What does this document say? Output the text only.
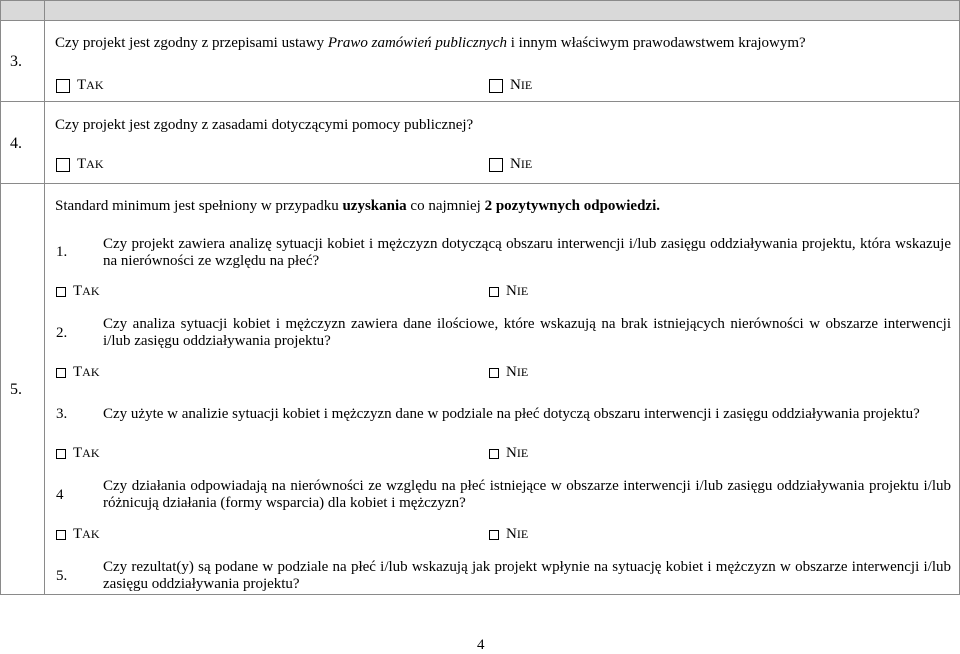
3.
Czy projekt jest zgodny z przepisami ustawy Prawo zamówień publicznych i innym właściwym prawodawstwem krajowym?
T AK	N IE
4.
Czy projekt jest zgodny z zasadami dotyczącymi pomocy publicznej?
T AK	N IE
5.
Standard minimum jest spełniony w przypadku uzyskania co najmniej 2 pozytywnych odpowiedzi.
1. Czy projekt zawiera analizę sytuacji kobiet i mężczyzn dotyczącą obszaru interwencji i/lub zasięgu oddziaływania projektu, która wskazuje na nierówności ze względu na płeć?
T AK	N IE
2.
Czy analiza sytuacji kobiet i mężczyzn zawiera dane ilościowe, które wskazują na brak istniejących nierówności w obszarze interwencji i/lub zasięgu oddziaływania projektu?
T AK	N IE
3. Czy użyte w analizie sytuacji kobiet i mężczyzn dane w podziale na płeć dotyczą obszaru interwencji i zasięgu oddziaływania projektu?
T AK	N IE
4
Czy działania odpowiadają na nierówności ze względu na płeć istniejące w obszarze interwencji i/lub zasięgu oddziaływania projektu i/lub różnicują działania (formy wsparcia) dla kobiet i mężczyzn?
T AK	N IE
5.
Czy rezultat(y) są podane w podziale na płeć i/lub wskazują jak projekt wpłynie na sytuację kobiet i mężczyzn w obszarze interwencji i/lub zasięgu oddziaływania projektu?
4
